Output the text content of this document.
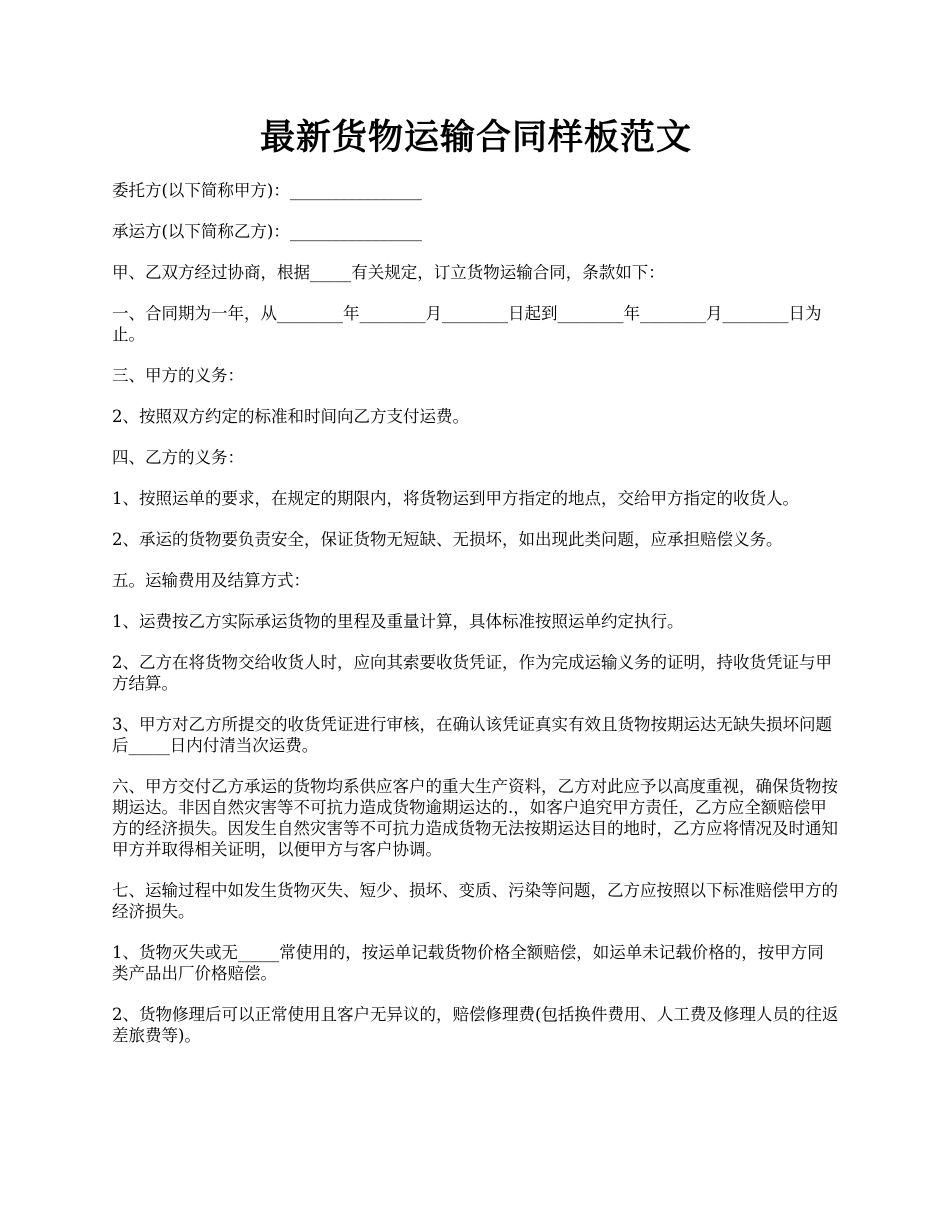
最新货物运输合同样板范文

委托方(以下简称甲方)：________________

承运方(以下简称乙方)：________________

甲、乙双方经过协商，根据_____有关规定，订立货物运输合同，条款如下：

一、合同期为一年，从________年________月________日起到________年________月________日为止。

三、甲方的义务：

2、按照双方约定的标准和时间向乙方支付运费。

四、乙方的义务：

1、按照运单的要求，在规定的期限内，将货物运到甲方指定的地点，交给甲方指定的收货人。

2、承运的货物要负责安全，保证货物无短缺、无损坏，如出现此类问题，应承担赔偿义务。

五。运输费用及结算方式：

1、运费按乙方实际承运货物的里程及重量计算，具体标准按照运单约定执行。

2、乙方在将货物交给收货人时，应向其索要收货凭证，作为完成运输义务的证明，持收货凭证与甲方结算。

3、甲方对乙方所提交的收货凭证进行审核，在确认该凭证真实有效且货物按期运达无缺失损坏问题后_____日内付清当次运费。

六、甲方交付乙方承运的货物均系供应客户的重大生产资料，乙方对此应予以高度重视，确保货物按期运达。非因自然灾害等不可抗力造成货物逾期运达的.，如客户追究甲方责任，乙方应全额赔偿甲方的经济损失。因发生自然灾害等不可抗力造成货物无法按期运达目的地时，乙方应将情况及时通知甲方并取得相关证明，以便甲方与客户协调。

七、运输过程中如发生货物灭失、短少、损坏、变质、污染等问题，乙方应按照以下标准赔偿甲方的经济损失。

1、货物灭失或无_____常使用的，按运单记载货物价格全额赔偿，如运单未记载价格的，按甲方同类产品出厂价格赔偿。

2、货物修理后可以正常使用且客户无异议的，赔偿修理费(包括换件费用、人工费及修理人员的往返差旅费等)。
